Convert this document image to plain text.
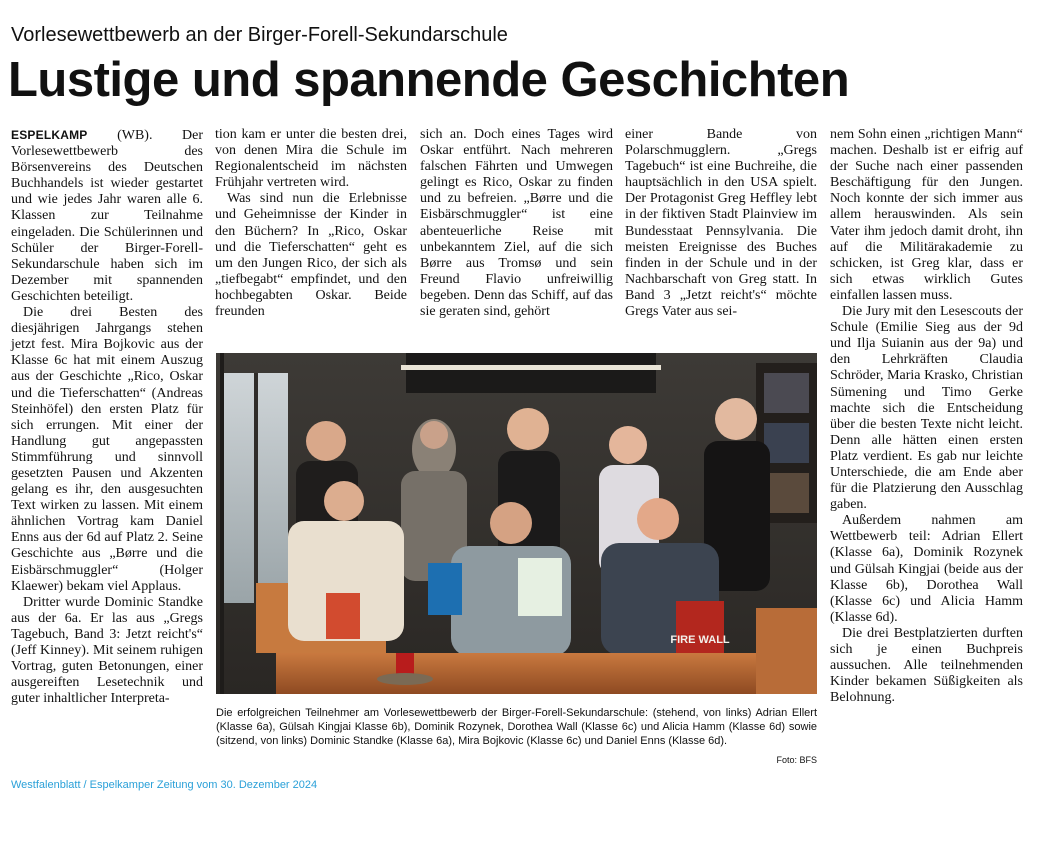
Vorlesewettbewerb an der Birger-Forell-Sekundarschule
Lustige und spannende Geschichten

ESPELKAMP (WB). Der Vorlesewettbewerb des Börsenvereins des Deutschen Buchhandels ist wieder gestartet und wie jedes Jahr waren alle 6. Klassen zur Teilnahme eingeladen. Die Schülerinnen und Schüler der Birger-Forell-Sekundarschule haben sich im Dezember mit spannenden Geschichten beteiligt.

Die drei Besten des diesjährigen Jahrgangs stehen jetzt fest. Mira Bojkovic aus der Klasse 6c hat mit einem Auszug aus der Geschichte „Rico, Oskar und die Tieferschatten“ (Andreas Steinhöfel) den ersten Platz für sich errungen. Mit einer der Handlung gut angepassten Stimmführung und sinnvoll gesetzten Pausen und Akzenten gelang es ihr, den ausgesuchten Text wirken zu lassen. Mit einem ähnlichen Vortrag kam Daniel Enns aus der 6d auf Platz 2. Seine Geschichte aus „Børre und die Eisbärschmuggler“ (Holger Klaewer) bekam viel Applaus.

Dritter wurde Dominic Standke aus der 6a. Er las aus „Gregs Tagebuch, Band 3: Jetzt reicht's“ (Jeff Kinney). Mit seinem ruhigen Vortrag, guten Betonungen, einer ausgereiften Lesetechnik und guter inhaltlicher Interpreta-

tion kam er unter die besten drei, von denen Mira die Schule im Regionalentscheid im nächsten Frühjahr vertreten wird.

Was sind nun die Erlebnisse und Geheimnisse der Kinder in den Büchern? In „Rico, Oskar und die Tieferschatten“ geht es um den Jungen Rico, der sich als „tiefbegabt“ empfindet, und den hochbegabten Oskar. Beide freunden

sich an. Doch eines Tages wird Oskar entführt. Nach mehreren falschen Fährten und Umwegen gelingt es Rico, Oskar zu finden und zu befreien. „Børre und die Eisbärschmuggler“ ist eine abenteuerliche Reise mit unbekanntem Ziel, auf die sich Børre aus Tromsø und sein Freund Flavio unfreiwillig begeben. Denn das Schiff, auf das sie geraten sind, gehört

einer Bande von Polarschmugglern. „Gregs Tagebuch“ ist eine Buchreihe, die hauptsächlich in den USA spielt. Der Protagonist Greg Heffley lebt in der fiktiven Stadt Plainview im Bundesstaat Pennsylvania. Die meisten Ereignisse des Buches finden in der Schule und in der Nachbarschaft von Greg statt. In Band 3 „Jetzt reicht's“ möchte Gregs Vater aus sei-

nem Sohn einen „richtigen Mann“ machen. Deshalb ist er eifrig auf der Suche nach einer passenden Beschäftigung für den Jungen. Noch konnte der sich immer aus allem herauswinden. Als sein Vater ihm jedoch damit droht, ihn auf die Militärakademie zu schicken, ist Greg klar, dass er sich etwas wirklich Gutes einfallen lassen muss.

Die Jury mit den Lesescouts der Schule (Emilie Sieg aus der 9d und Ilja Suianin aus der 9a) und den Lehrkräften Claudia Schröder, Maria Krasko, Christian Sümening und Timo Gerke machte sich die Entscheidung über die besten Texte nicht leicht. Denn alle hätten einen ersten Platz verdient. Es gab nur leichte Unterschiede, die am Ende aber für die Platzierung den Ausschlag gaben.

Außerdem nahmen am Wettbewerb teil: Adrian Ellert (Klasse 6a), Dominik Rozynek und Gülsah Kingjai (beide aus der Klasse 6b), Dorothea Wall (Klasse 6c) und Alicia Hamm (Klasse 6d).

Die drei Bestplatzierten durften sich je einen Buchpreis aussuchen. Alle teilnehmenden Kinder bekamen Süßigkeiten als Belohnung.

FIRE WALL
Die erfolgreichen Teilnehmer am Vorlesewettbewerb der Birger-Forell-Sekundarschule: (stehend, von links) Adrian Ellert (Klasse 6a), Gülsah Kingjai Klasse 6b), Dominik Rozynek, Dorothea Wall (Klasse 6c) und Alicia Hamm (Klasse 6d) sowie (sitzend, von links) Dominic Standke (Klasse 6a), Mira Bojkovic (Klasse 6c) und Daniel Enns (Klasse 6d).
Foto: BFS
Westfalenblatt / Espelkamper Zeitung vom 30. Dezember 2024
